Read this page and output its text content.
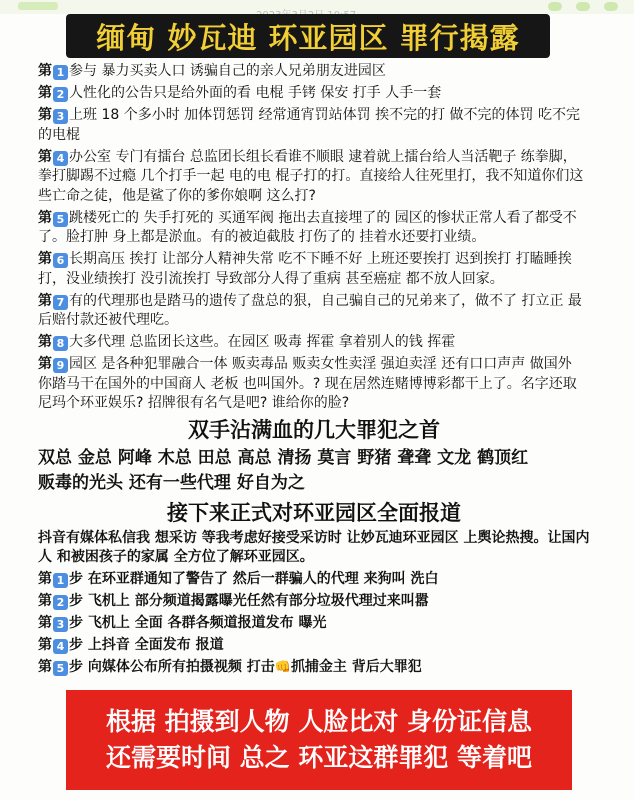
缅甸 妙瓦迪 环亚园区 罪行揭露
第 1 参与 暴力买卖人口 诱骗自己的亲人兄弟朋友进园区
第 2 人性化的公告只是给外面的看 电棍 手铐 保安 打手 人手一套
第 3 上班 18 个多小时 加体罚惩罚 经常通宵罚站体罚 挨不完的打 做不完的体罚 吃不完的电棍
第 4 办公室 专门有擂台 总监团长组长看谁不顺眼 逮着就上擂台给人当活靶子 练拳脚，拳打脚踢不过瘾 几个打手一起 电的电 棍子打的打。直接给人往死里打，我不知道你们这些亡命之徒，他是鲨了你的爹你娘啊 这么打?
第 5 跳楼死亡的 失手打死的 买通军阀 拖出去直接埋了的 园区的惨状正常人看了都受不了。脸打肿 身上都是淤血。有的被迫截肢 打伤了的 挂着水还要打业绩。
第 6 长期高压 挨打 让部分人精神失常 吃不下睡不好 上班还要挨打 迟到挨打 打瞌睡挨打，没业绩挨打 没引流挨打 导致部分人得了重病 甚至癌症 都不放人回家。
第 7 有的代理那也是踏马的遗传了盘总的狠，自己骗自己的兄弟来了，做不了 打立正 最后赔付款还被代理吃。
第 8 大多代理 总监团长这些。在园区 吸毒 挥霍 拿着别人的钱 挥霍
第 9 园区 是各种犯罪融合一体 贩卖毒品 贩卖女性卖淫 强迫卖淫 还有口口声声 做国外 你踏马干在国外的中国商人 老板 也叫国外。? 现在居然连赌博博彩都干上了。名字还取尼玛个环亚娱乐? 招牌很有名气是吧? 谁给你的脸?
双手沾满血的几大罪犯之首
双总 金总 阿峰 木总 田总 高总 清扬 莫言 野猪 聋聋 文龙 鹤顶红
贩毒的光头 还有一些代理 好自为之
接下来正式对环亚园区全面报道
抖音有媒体私信我 想采访 等我考虑好接受采访时 让妙瓦迪环亚园区 上舆论热搜。让国内人 和被困孩子的家属 全方位了解环亚园区。
第 1 步 在环亚群通知了警告了 然后一群骗人的代理 来狗叫 洗白
第 2 步 飞机上 部分频道揭露曝光任然有部分垃圾代理过来叫嚣
第 3 步 飞机上 全面 各群各频道报道发布 曝光
第 4 步 上抖音 全面发布 报道
第 5 步 向媒体公布所有拍摄视频 打击👊抓捕金主 背后大罪犯
根据 拍摄到人物 人脸比对 身份证信息
还需要时间 总之 环亚这群罪犯 等着吧
